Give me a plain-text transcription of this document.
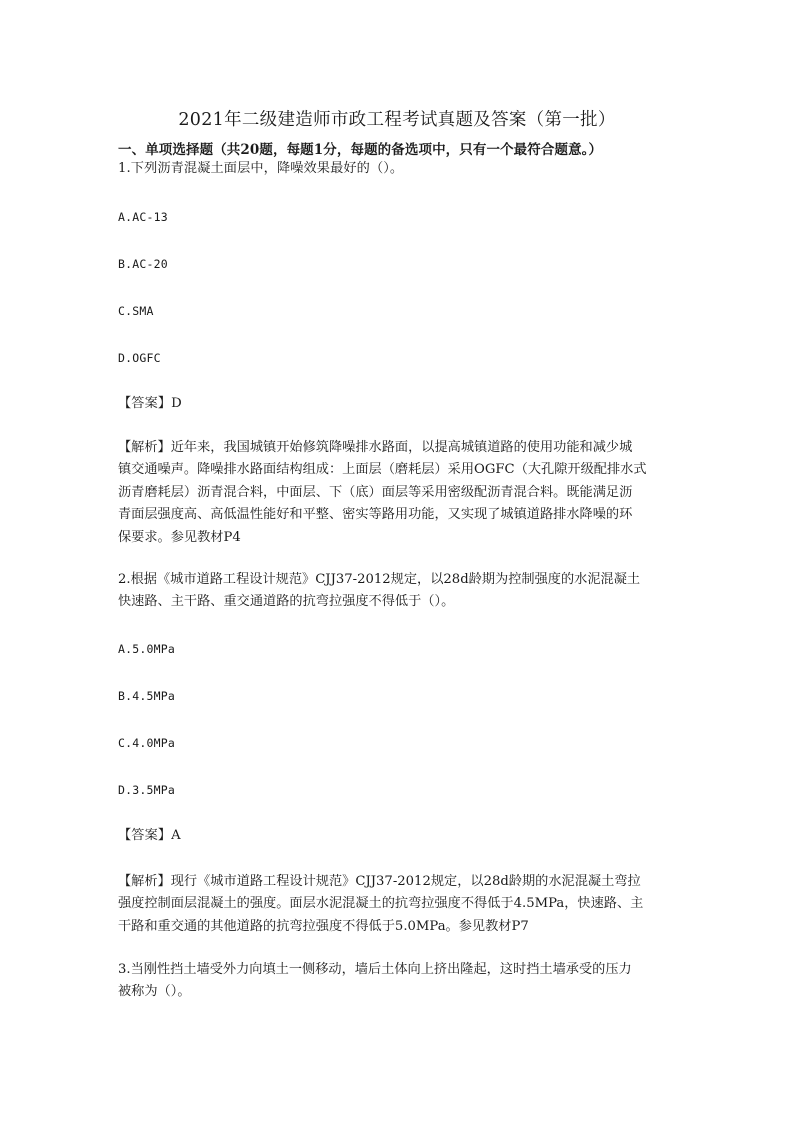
2021年二级建造师市政工程考试真题及答案（第一批）
一、单项选择题（共20题，每题1分，每题的备选项中，只有一个最符合题意。）
1.下列沥青混凝土面层中，降噪效果最好的（）。
A.AC-13
B.AC-20
C.SMA
D.OGFC
【答案】D
【解析】近年来，我国城镇开始修筑降噪排水路面，以提高城镇道路的使用功能和减少城
镇交通噪声。降噪排水路面结构组成：上面层（磨耗层）采用OGFC（大孔隙开级配排水式
沥青磨耗层）沥青混合料，中面层、下（底）面层等采用密级配沥青混合料。既能满足沥
青面层强度高、高低温性能好和平整、密实等路用功能，又实现了城镇道路排水降噪的环
保要求。参见教材P4
2.根据《城市道路工程设计规范》CJJ37-2012规定，以28d龄期为控制强度的水泥混凝土
快速路、主干路、重交通道路的抗弯拉强度不得低于（）。
A.5.0MPa
B.4.5MPa
C.4.0MPa
D.3.5MPa
【答案】A
【解析】现行《城市道路工程设计规范》CJJ37-2012规定，以28d龄期的水泥混凝土弯拉
强度控制面层混凝土的强度。面层水泥混凝土的抗弯拉强度不得低于4.5MPa，快速路、主
干路和重交通的其他道路的抗弯拉强度不得低于5.0MPa。参见教材P7
3.当刚性挡土墙受外力向填土一侧移动，墙后土体向上挤出隆起，这时挡土墙承受的压力
被称为（）。
